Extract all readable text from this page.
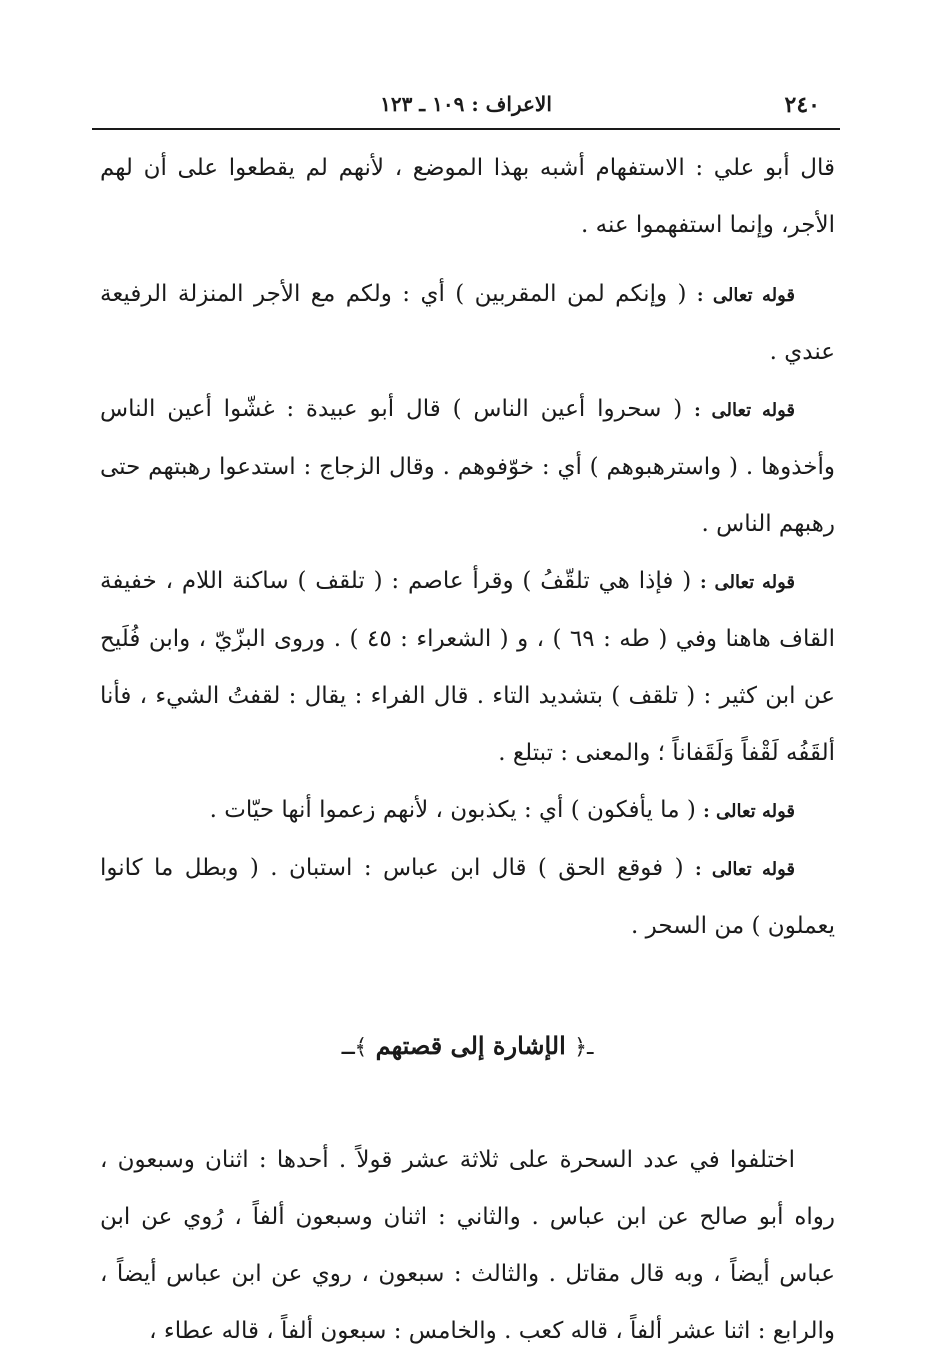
٢٤٠
الاعراف : ١٠٩ ـ ١٢٣

قال أبو علي : الاستفهام أشبه بهذا الموضع ، لأنهم لم يقطعوا على أن لهم الأجر، وإنما استفهموا عنه .

قوله تعالى : ( وإنكم لمن المقربين ) أي : ولكم مع الأجر المنزلة الرفيعة عندي .

قوله تعالى : ( سحروا أعين الناس ) قال أبو عبيدة : غشّوا أعين الناس وأخذوها . ( واسترهبوهم ) أي : خوّفوهم . وقال الزجاج : استدعوا رهبتهم حتى رهبهم الناس .

قوله تعالى : ( فإذا هي تلقّفُ ) وقرأ عاصم : ( تلقف ) ساكنة اللام ، خفيفة القاف هاهنا وفي ( طه : ٦٩ ) ، و ( الشعراء : ٤٥ ) . وروى البزّيّ ، وابن فُلَيح عن ابن كثير : ( تلقف ) بتشديد التاء . قال الفراء : يقال : لقفتُ الشيء ، فأنا ألقَفُه لَقْفاً وَلَقَفاناً ؛ والمعنى : تبتلع .

قوله تعالى : ( ما يأفكون ) أي : يكذبون ، لأنهم زعموا أنها حيّات .

قوله تعالى : ( فوقع الحق ) قال ابن عباس : استبان . ( وبطل ما كانوا يعملون ) من السحر .

ـ﴿ الإشارة إلى قصتهم ﴾ـ

اختلفوا في عدد السحرة على ثلاثة عشر قولاً . أحدها : اثنان وسبعون ، رواه أبو صالح عن ابن عباس . والثاني : اثنان وسبعون ألفاً ، رُوي عن ابن عباس أيضاً ، وبه قال مقاتل . والثالث : سبعون ، روي عن ابن عباس أيضاً ، والرابع : اثنا عشر ألفاً ، قاله كعب . والخامس : سبعون ألفاً ، قاله عطاء ،
